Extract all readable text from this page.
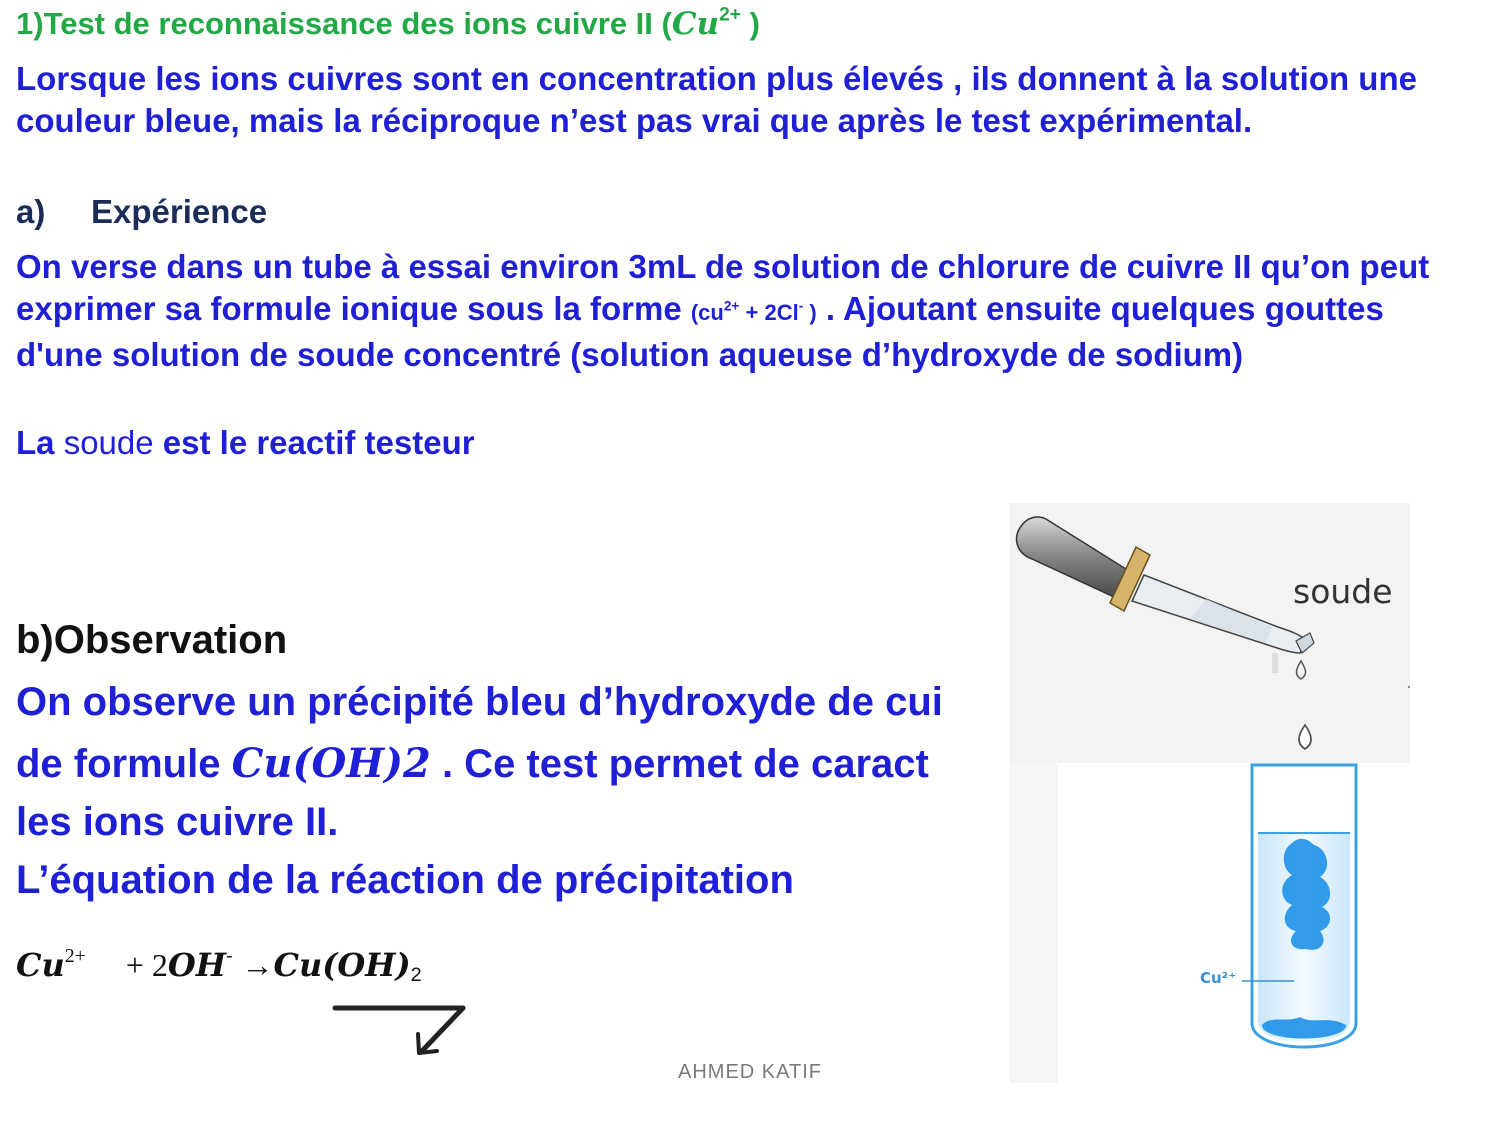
1)Test de reconnaissance des ions cuivre II ($Cu^{2+}$ )
Lorsque les ions cuivres sont en concentration plus élevés , ils donnent à la solution une couleur bleue, mais la réciproque n’est pas vrai que après le test expérimental.
a) Expérience
On verse dans un tube à essai environ 3mL de solution de chlorure de cuivre II qu’on peut exprimer sa formule ionique sous la forme ($cu^{2+} + 2Cl^-$ ) . Ajoutant ensuite quelques gouttes d'une solution de soude concentré (solution aqueuse d’hydroxyde de sodium)
La soude est le reactif testeur
b)Observation
On observe un précipité bleu d’hydroxyde de cui
de formule Cu(OH)2 . Ce test permet de caract
les ions cuivre II.
L’équation de la réaction de précipitation
$Cu^{2+}$     + $2OH^- \to Cu(OH)_2$
soude
Cu²⁺
AHMED KATIF
